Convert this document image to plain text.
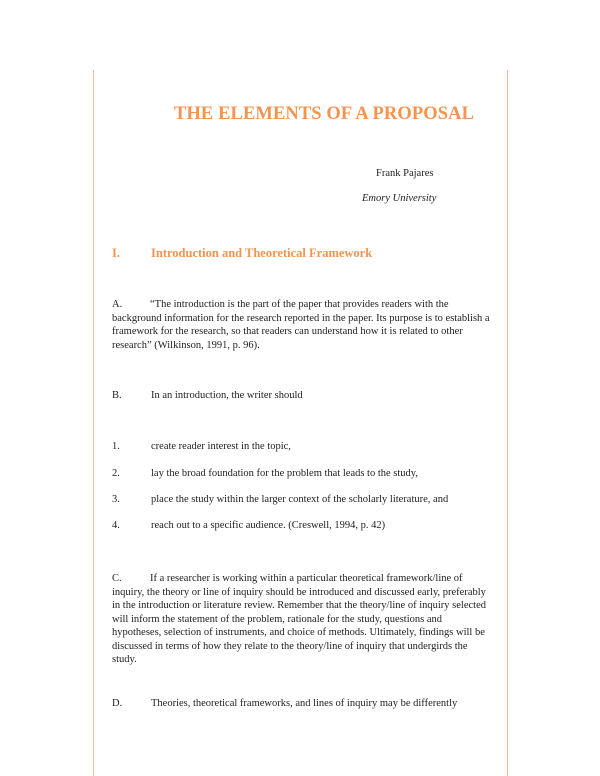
THE ELEMENTS OF A PROPOSAL
Frank Pajares
Emory University
I. Introduction and Theoretical Framework
A.	“The introduction is the part of the paper that provides readers with the background information for the research reported in the paper. Its purpose is to establish a framework for the research, so that readers can understand how it is related to other research” (Wilkinson, 1991, p. 96).
B.	In an introduction, the writer should
1.	create reader interest in the topic,
2.	lay the broad foundation for the problem that leads to the study,
3.	place the study within the larger context of the scholarly literature, and
4.	reach out to a specific audience. (Creswell, 1994, p. 42)
C.	If a researcher is working within a particular theoretical framework/line of inquiry, the theory or line of inquiry should be introduced and discussed early, preferably in the introduction or literature review. Remember that the theory/line of inquiry selected will inform the statement of the problem, rationale for the study, questions and hypotheses, selection of instruments, and choice of methods. Ultimately, findings will be discussed in terms of how they relate to the theory/line of inquiry that undergirds the study.
D.	Theories, theoretical frameworks, and lines of inquiry may be differently
